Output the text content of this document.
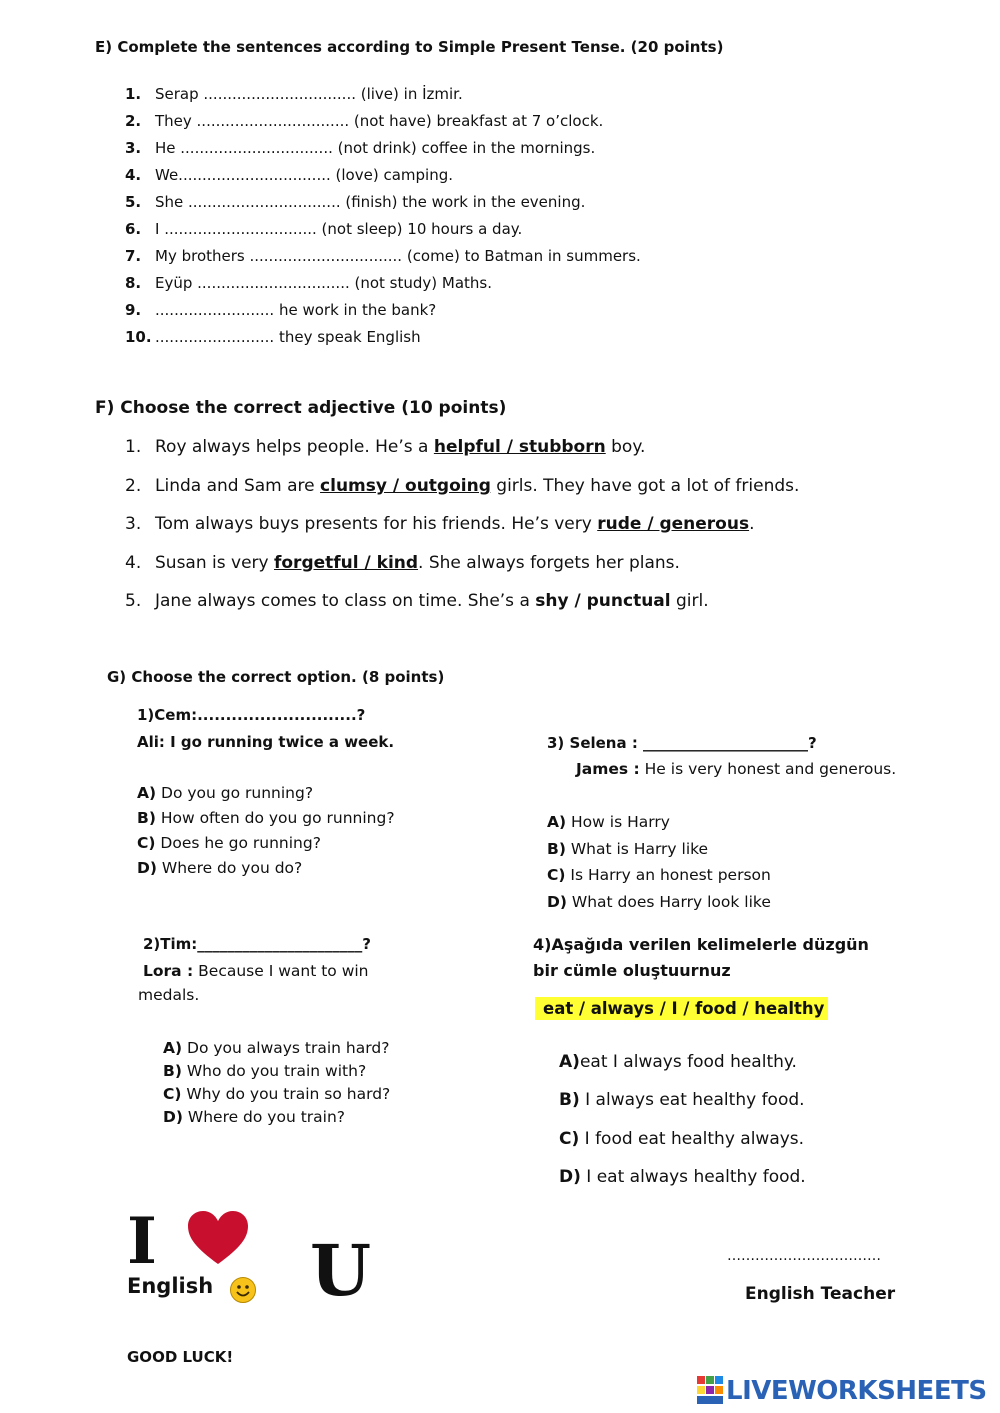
E) Complete the sentences according to Simple Present Tense. (20 points)
1. Serap ................................ (live) in İzmir.
2. They ................................ (not have) breakfast at 7 o’clock.
3. He ................................ (not drink) coffee in the mornings.
4. We................................ (love) camping.
5. She ................................ (finish) the work in the evening.
6. I ................................ (not sleep) 10 hours a day.
7. My brothers ................................ (come) to Batman in summers.
8. Eyüp ................................ (not study) Maths.
9. ......................... he work in the bank?
10. ......................... they speak English
F) Choose the correct adjective (10 points)
1. Roy always helps people. He’s a helpful / stubborn boy.
2. Linda and Sam are clumsy / outgoing girls. They have got a lot of friends.
3. Tom always buys presents for his friends. He’s very rude / generous.
4. Susan is very forgetful / kind. She always forgets her plans.
5. Jane always comes to class on time. She’s a shy / punctual girl.
G) Choose the correct option. (8 points)
1)Cem:............................?
Ali: I go running twice a week.
A) Do you go running?
B) How often do you go running?
C) Does he go running?
D) Where do you do?
2)Tim:______________________?
Lora : Because I want to win
medals.
A) Do you always train hard?
B) Who do you train with?
C) Why do you train so hard?
D) Where do you train?
3) Selena : ______________________?
James : He is very honest and generous.
A) How is Harry
B) What is Harry like
C) Is Harry an honest person
D) What does Harry look like
4)Aşağıda verilen kelimelerle düzgün
bir cümle oluştuurnuz
eat / always / I / food / healthy
A)eat I always food healthy.
B) I always eat healthy food.
C) I food eat healthy always.
D) I eat always healthy food.
I
English U
GOOD LUCK!
……………………………
English Teacher
LIVEWORKSHEETS
